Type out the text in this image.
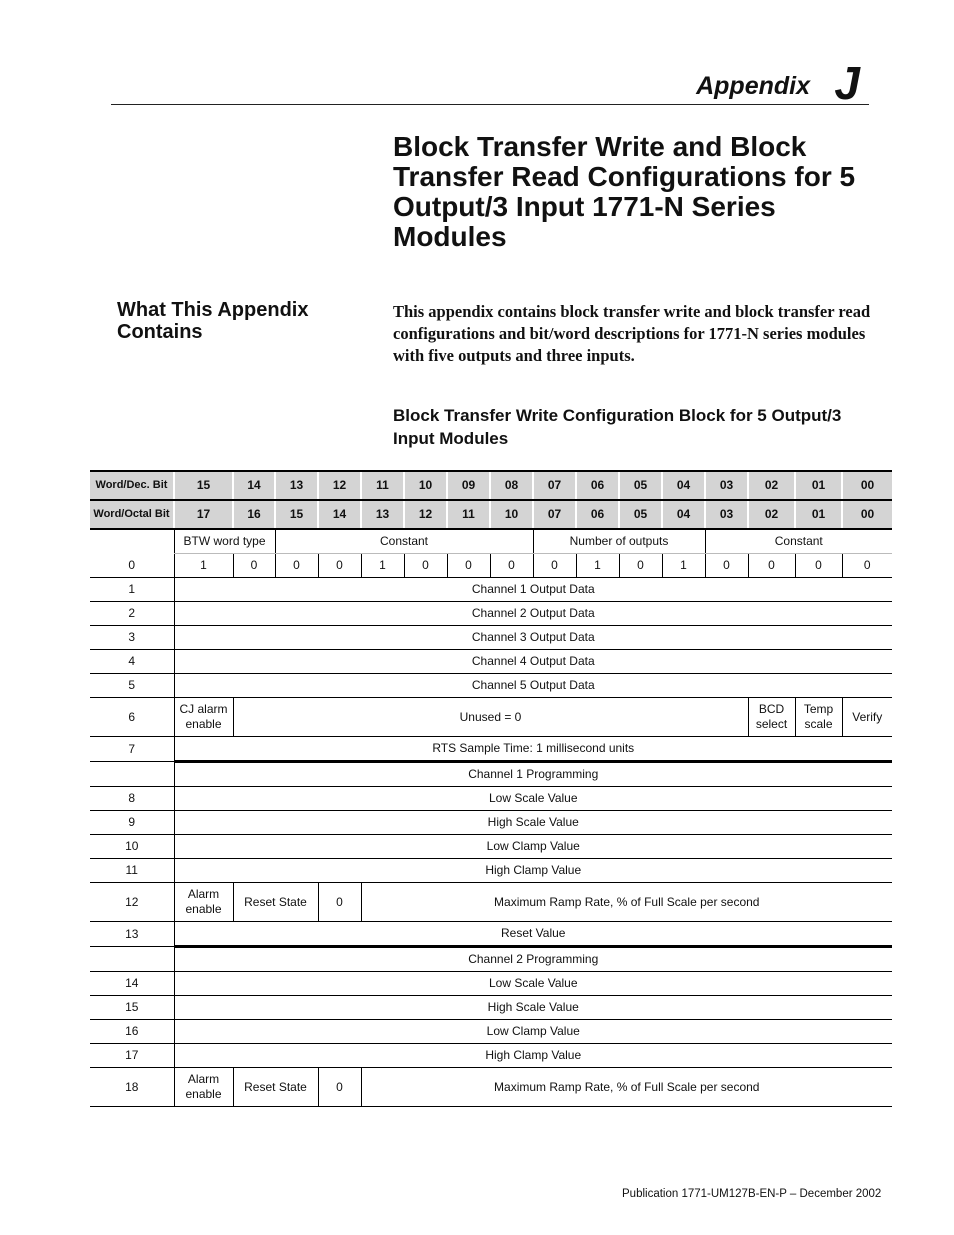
Appendix J
Block Transfer Write and Block Transfer Read Configurations for 5 Output/3 Input 1771-N Series Modules
What This Appendix Contains

This appendix contains block transfer write and block transfer read configurations and bit/word descriptions for 1771-N series modules with five outputs and three inputs.

Block Transfer Write Configuration Block for 5 Output/3 Input Modules
Word/Dec. Bit	15	14	13	12	11	10	09	08	07	06	05	04	03	02	01	00
Word/Octal Bit	17	16	15	14	13	12	11	10	07	06	05	04	03	02	01	00
	BTW word type		Constant						Number of outputs				Constant			
0	1	0	0	0	1	0	0	0	0	1	0	1	0	0	0	0
1	Channel 1 Output Data															
2	Channel 2 Output Data															
3	Channel 3 Output Data															
4	Channel 4 Output Data															
5	Channel 5 Output Data															
6	CJ alarm enable	Unused = 0												BCD select	Temp scale	Verify
7	RTS Sample Time: 1 millisecond units															
	Channel 1 Programming															
8	Low Scale Value															
9	High Scale Value															
10	Low Clamp Value															
11	High Clamp Value															
12	Alarm enable	Reset State		0	Maximum Ramp Rate, % of Full Scale per second											
13	Reset Value															
	Channel 2 Programming															
14	Low Scale Value															
15	High Scale Value															
16	Low Clamp Value															
17	High Clamp Value															
18	Alarm enable	Reset State		0	Maximum Ramp Rate, % of Full Scale per second											
Publication 1771-UM127B-EN-P – December 2002
